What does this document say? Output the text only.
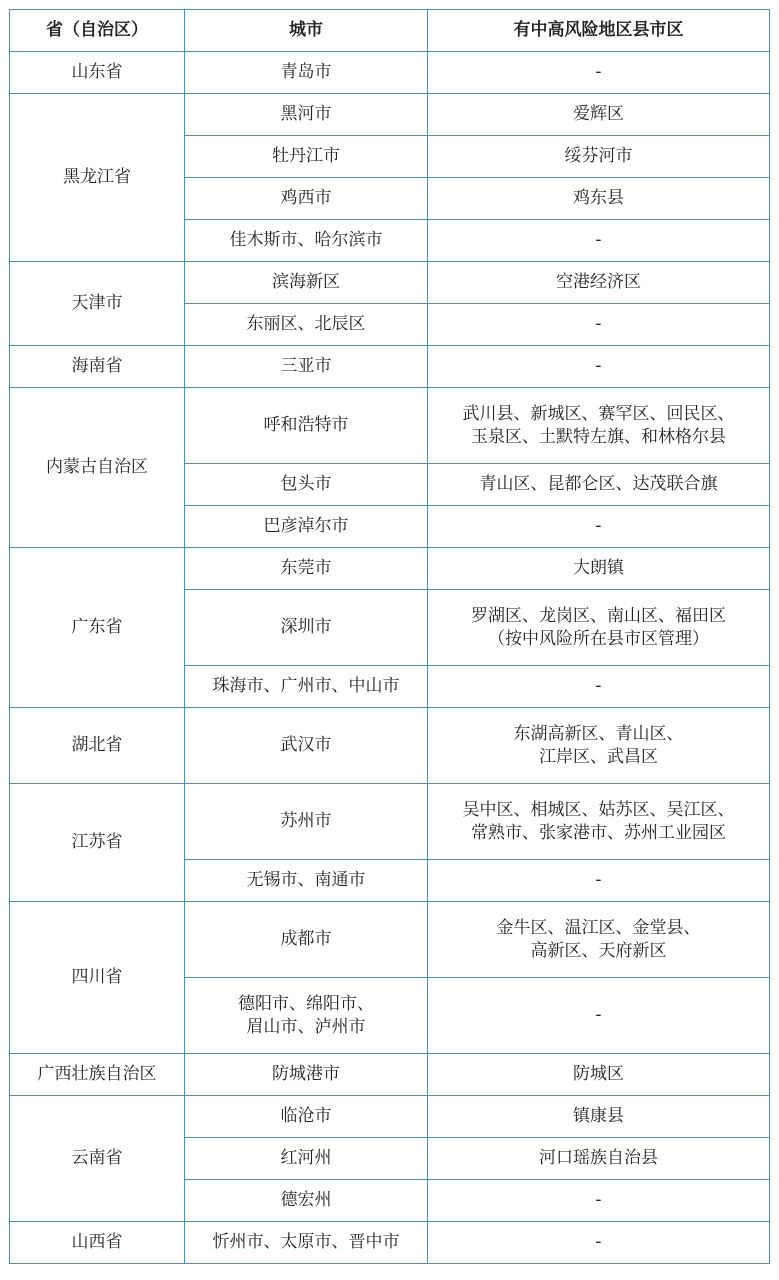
省（自治区）	城市	有中高风险地区县市区
山东省	青岛市	-
黑龙江省	黑河市	爱辉区
	牡丹江市	绥芬河市
	鸡西市	鸡东县
	佳木斯市、哈尔滨市	-
天津市	滨海新区	空港经济区
	东丽区、北辰区	-
海南省	三亚市	-
内蒙古自治区	呼和浩特市	武川县、新城区、赛罕区、回民区、
玉泉区、土默特左旗、和林格尔县
	包头市	青山区、昆都仑区、达茂联合旗
	巴彦淖尔市	-
广东省	东莞市	大朗镇
	深圳市	罗湖区、龙岗区、南山区、福田区
（按中风险所在县市区管理）
	珠海市、广州市、中山市	-
湖北省	武汉市	东湖高新区、青山区、
江岸区、武昌区
江苏省	苏州市	吴中区、相城区、姑苏区、吴江区、
常熟市、张家港市、苏州工业园区
	无锡市、南通市	-
四川省	成都市	金牛区、温江区、金堂县、
高新区、天府新区
	德阳市、绵阳市、
眉山市、泸州市	-
广西壮族自治区	防城港市	防城区
云南省	临沧市	镇康县
	红河州	河口瑶族自治县
	德宏州	-
山西省	忻州市、太原市、晋中市	-
